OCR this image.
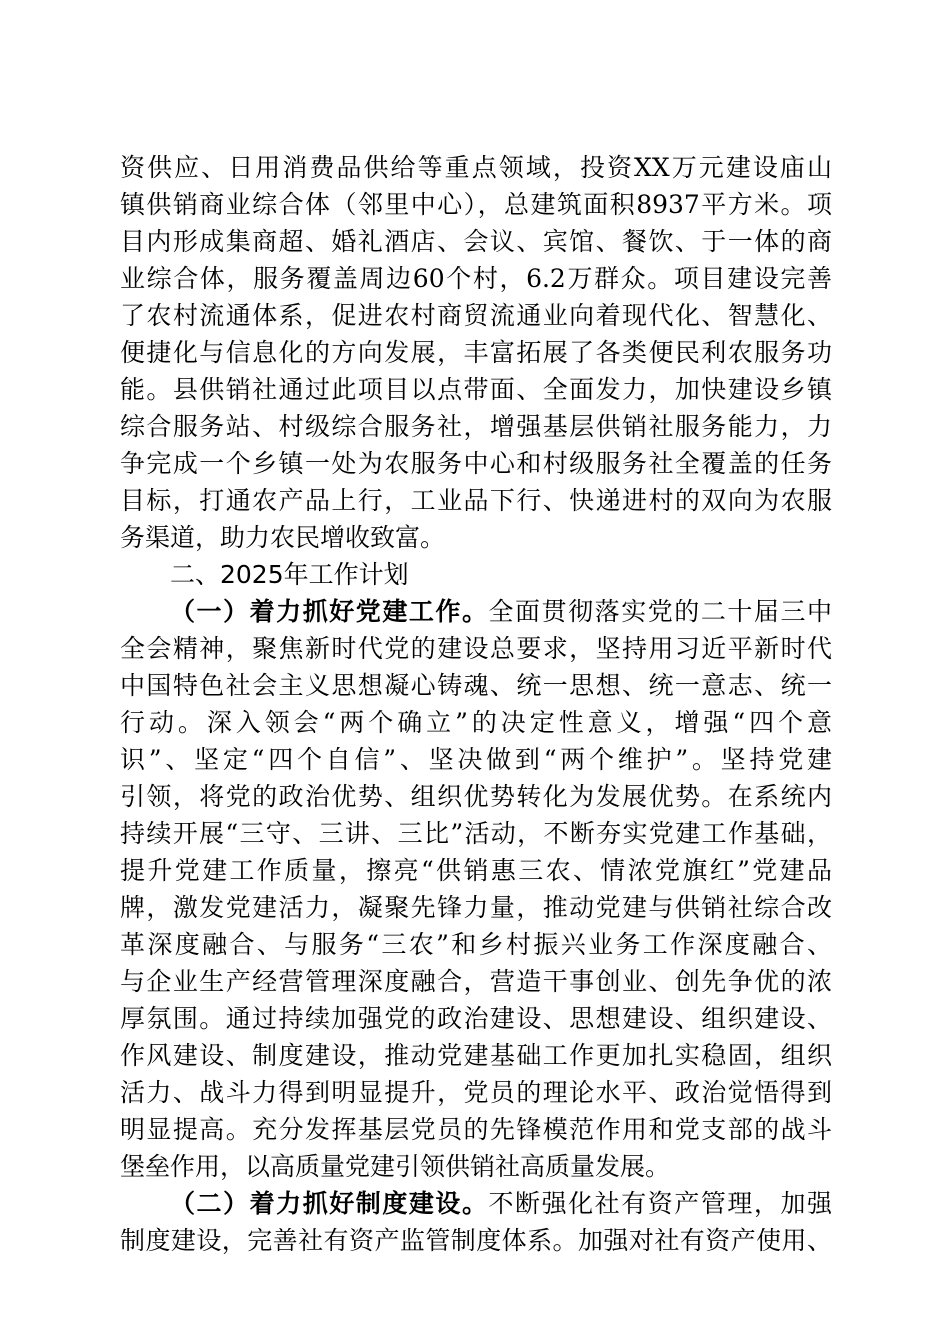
资供应、日用消费品供给等重点领域，投资XX万元建设庙山
镇供销商业综合体（邻里中心），总建筑面积8937平方米。项
目内形成集商超、婚礼酒店、会议、宾馆、餐饮、于一体的商
业综合体，服务覆盖周边60个村，6.2万群众。项目建设完善
了农村流通体系，促进农村商贸流通业向着现代化、智慧化、
便捷化与信息化的方向发展，丰富拓展了各类便民利农服务功
能。县供销社通过此项目以点带面、全面发力，加快建设乡镇
综合服务站、村级综合服务社，增强基层供销社服务能力，力
争完成一个乡镇一处为农服务中心和村级服务社全覆盖的任务
目标，打通农产品上行，工业品下行、快递进村的双向为农服
务渠道，助力农民增收致富。
二、2025年工作计划
（一）着力抓好党建工作。全面贯彻落实党的二十届三中
全会精神，聚焦新时代党的建设总要求，坚持用习近平新时代
中国特色社会主义思想凝心铸魂、统一思想、统一意志、统一
行动。深入领会“两个确立”的决定性意义，增强“四个意
识”、坚定“四个自信”、坚决做到“两个维护”。坚持党建
引领，将党的政治优势、组织优势转化为发展优势。在系统内
持续开展“三守、三讲、三比”活动，不断夯实党建工作基础，
提升党建工作质量，擦亮“供销惠三农、情浓党旗红”党建品
牌，激发党建活力，凝聚先锋力量，推动党建与供销社综合改
革深度融合、与服务“三农”和乡村振兴业务工作深度融合、
与企业生产经营管理深度融合，营造干事创业、创先争优的浓
厚氛围。通过持续加强党的政治建设、思想建设、组织建设、
作风建设、制度建设，推动党建基础工作更加扎实稳固，组织
活力、战斗力得到明显提升，党员的理论水平、政治觉悟得到
明显提高。充分发挥基层党员的先锋模范作用和党支部的战斗
堡垒作用，以高质量党建引领供销社高质量发展。
（二）着力抓好制度建设。不断强化社有资产管理，加强
制度建设，完善社有资产监管制度体系。加强对社有资产使用、
